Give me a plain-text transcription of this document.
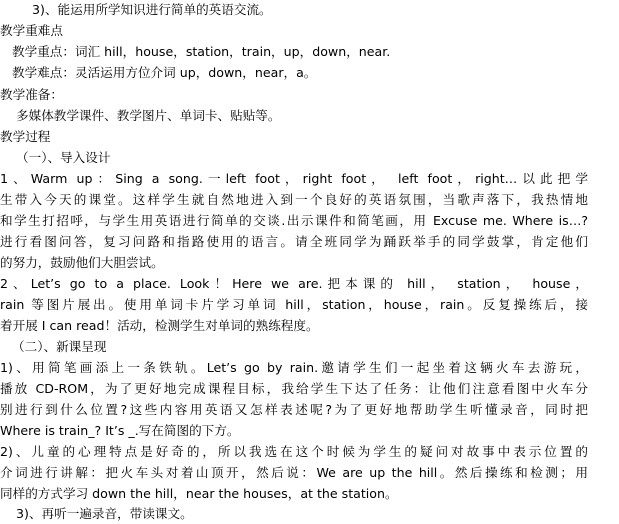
3)、能运用所学知识进行简单的英语交流。
教学重难点
教学重点：词汇 hill，house，station，train，up，down，near.
教学难点：灵活运用方位介词 up，down，near，a。
教学准备：
多媒体教学课件、教学图片、单词卡、贴贴等。
教学过程
（一）、导入设计
1、Warm up：Sing a song.一left foot，right foot， left foot，right…以此把学
生带入今天的课堂。这样学生就自然地进入到一个良好的英语氛围，当歌声落下，我热情地
和学生打招呼，与学生用英语进行简单的交谈.出示课件和简笔画，用 Excuse me. Where is…?
进行看图问答，复习问路和指路使用的语言。请全班同学为踊跃举手的同学鼓掌，肯定他们
的努力，鼓励他们大胆尝试。
2、Let’s go to a place. Look！Here we are.把本课的 hill， station， house，
rain 等图片展出。使用单词卡片学习单词 hill，station，house，rain。反复操练后，接
着开展 I can read！活动，检测学生对单词的熟练程度。
（二）、新课呈现
1)、用简笔画添上一条铁轨。Let’s go by rain.邀请学生们一起坐着这辆火车去游玩，
播放 CD-ROM，为了更好地完成课程目标，我给学生下达了任务：让他们注意看图中火车分
别进行到什么位置?这些内容用英语又怎样表述呢?为了更好地帮助学生听懂录音，同时把
Where is train_? It’s _.写在简图的下方。
2)、儿童的心理特点是好奇的，所以我选在这个时候为学生的疑问对故事中表示位置的
介词进行讲解：把火车头对着山顶开，然后说：We are up the hill。然后操练和检测；用
同样的方式学习 down the hill，near the houses，at the station。
3)、再听一遍录音，带读课文。
